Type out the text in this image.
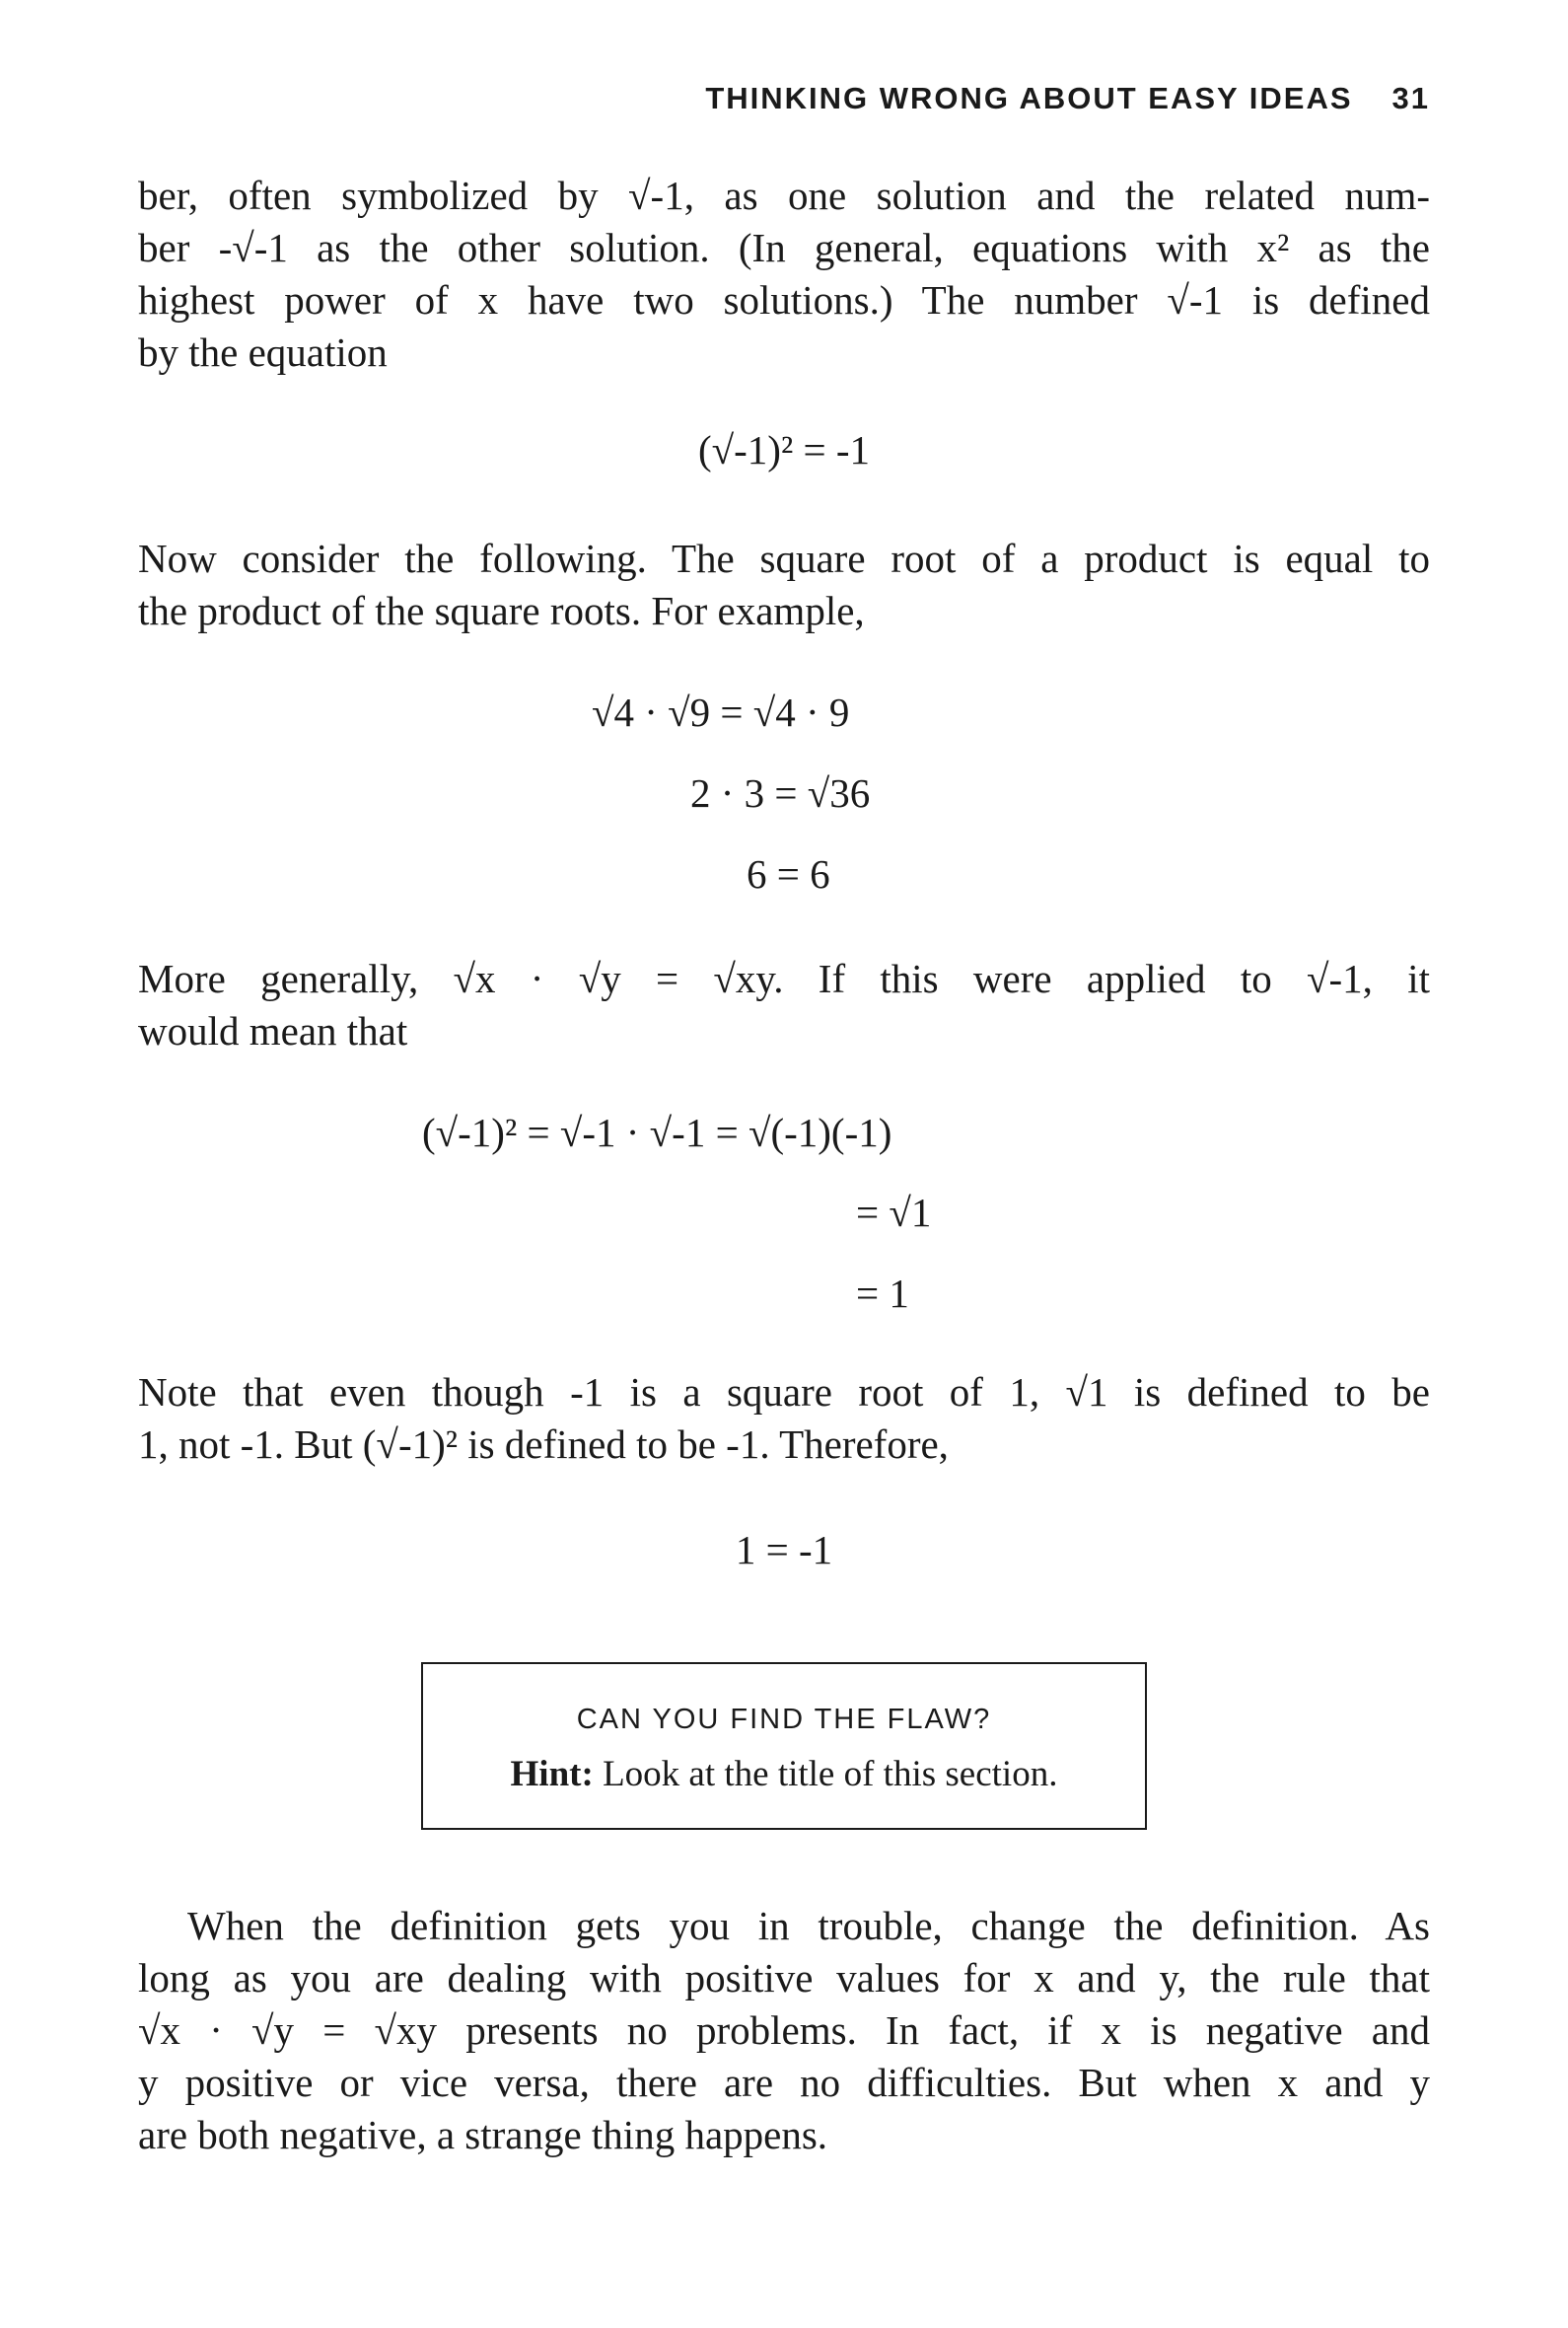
THINKING WRONG ABOUT EASY IDEAS 31
ber, often symbolized by √-1, as one solution and the related num-
ber -√-1 as the other solution. (In general, equations with x² as the
highest power of x have two solutions.) The number √-1 is defined
by the equation
(√-1)² = -1
Now consider the following. The square root of a product is equal to
the product of the square roots. For example,
√4 · √9 = √4 · 9
2 · 3 = √36
6 = 6
More generally, √x · √y = √xy. If this were applied to √-1, it
would mean that
(√-1)² = √-1 · √-1 = √(-1)(-1)
= √1
= 1
Note that even though -1 is a square root of 1, √1 is defined to be
1, not -1. But (√-1)² is defined to be -1. Therefore,
1 = -1
CAN YOU FIND THE FLAW?
Hint: Look at the title of this section.
When the definition gets you in trouble, change the definition. As
long as you are dealing with positive values for x and y, the rule that
√x · √y = √xy presents no problems. In fact, if x is negative and
y positive or vice versa, there are no difficulties. But when x and y
are both negative, a strange thing happens.
